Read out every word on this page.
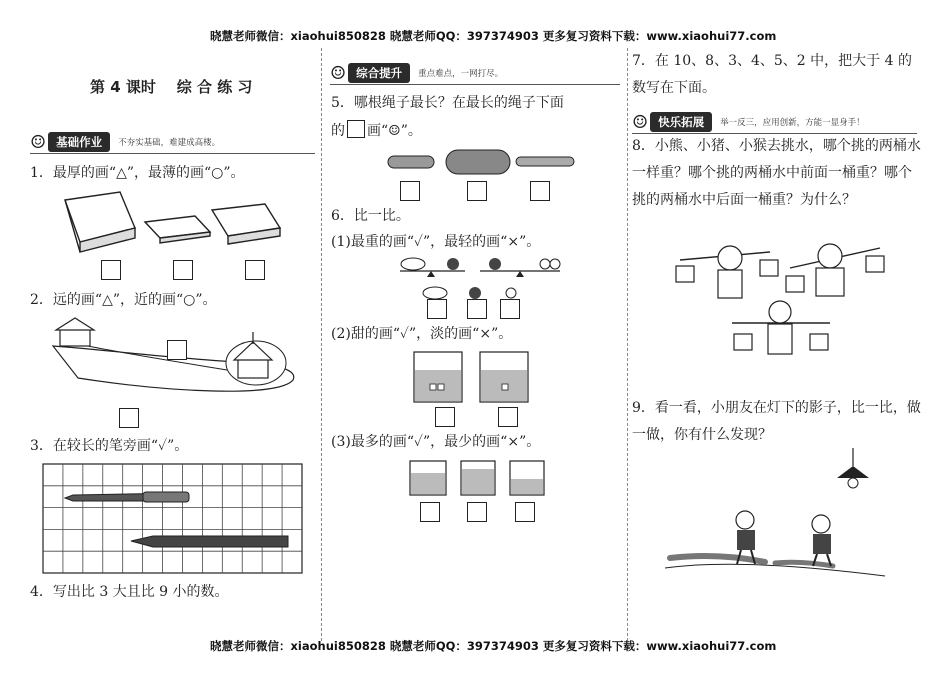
晓慧老师微信：xiaohui850828 晓慧老师QQ：397374903 更多复习资料下载：www.xiaohui77.com
晓慧老师微信：xiaohui850828 晓慧老师QQ：397374903 更多复习资料下载：www.xiaohui77.com
第 4 课时    综 合 练 习
☺ 基础作业	不夯实基础，难建成高楼。
1．最厚的画“△”，最薄的画“○”。
2．远的画“△”，近的画“○”。
3．在较长的笔旁画“✓”。
4．写出比 3 大且比 9 小的数。
☺ 综合提升	重点难点，一网打尽。
5．哪根绳子最长？在最长的绳子下面
的 画“☺”。
6．比一比。
(1)最重的画“✓”，最轻的画“×”。
(2)甜的画“✓”，淡的画“×”。
(3)最多的画“✓”，最少的画“×”。
7．在 10、8、3、4、5、2 中，把大于 4 的数写在下面。
☺ 快乐拓展	举一反三，应用创新，方能一显身手！
8．小熊、小猪、小猴去挑水，哪个挑的两桶水一样重？哪个挑的两桶水中前面一桶重？哪个挑的两桶水中后面一桶重？为什么？
9．看一看，小朋友在灯下的影子，比一比，做一做，你有什么发现？
